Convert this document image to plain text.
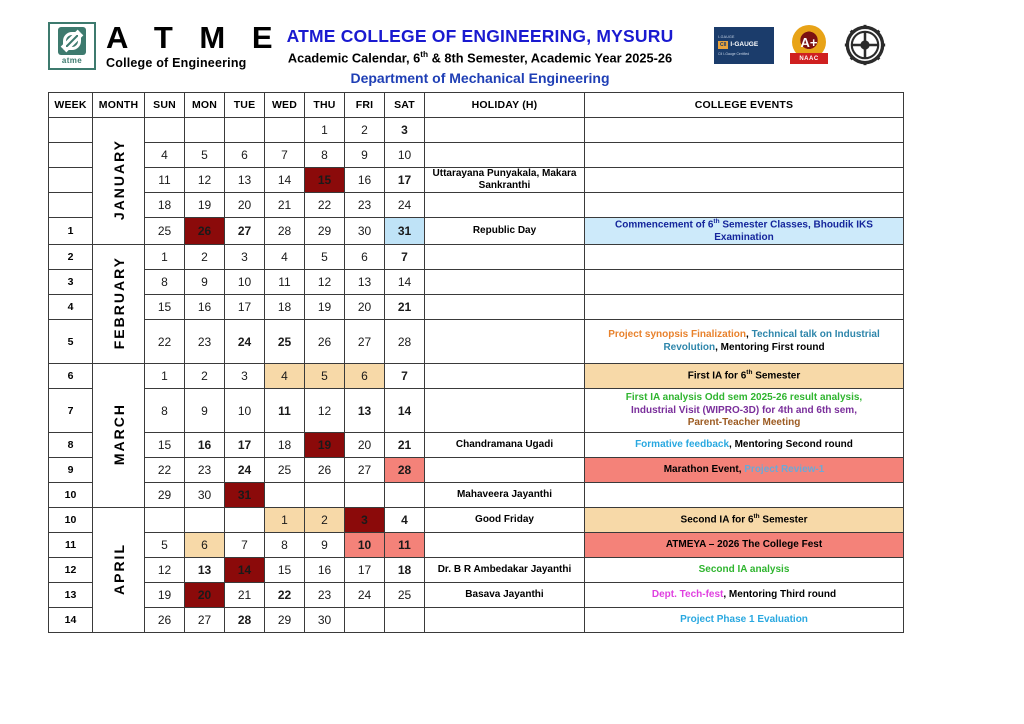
atme
A T M E
College of Engineering
ATME COLLEGE OF ENGINEERING, MYSURU
Academic Calendar, 6th & 8th Semester, Academic Year 2025-26
Department of Mechanical Engineering
I-GAUGE
CII I-GAUGE
CII I-Gauge Certified
A+
NAAC
WEEK	MONTH	SUN	MON	TUE	WED	THU	FRI	SAT	HOLIDAY (H)	COLLEGE EVENTS
	JANUARY					1	2	3		
		4	5	6	7	8	9	10		
		11	12	13	14	15	16	17	Uttarayana Punyakala, Makara Sankranthi	
		18	19	20	21	22	23	24		
1		25	26	27	28	29	30	31	Republic Day	Commencement of 6th Semester Classes, Bhoudik IKS Examination
2	FEBRUARY	1	2	3	4	5	6	7		
3		8	9	10	11	12	13	14		
4		15	16	17	18	19	20	21		
5		22	23	24	25	26	27	28		Project synopsis Finalization, Technical talk on Industrial Revolution, Mentoring First round
6	MARCH	1	2	3	4	5	6	7		First IA for 6th Semester
7		8	9	10	11	12	13	14		First IA analysis Odd sem 2025-26 result analysis,
Industrial Visit (WIPRO-3D) for 4th and 6th sem,
Parent-Teacher Meeting
8		15	16	17	18	19	20	21	Chandramana Ugadi	Formative feedback, Mentoring Second round
9		22	23	24	25	26	27	28		Marathon Event, Project Review-1
10		29	30	31					Mahaveera Jayanthi	
10	APRIL				1	2	3	4	Good Friday	Second IA for 6th Semester
11		5	6	7	8	9	10	11		ATMEYA – 2026 The College Fest
12		12	13	14	15	16	17	18	Dr. B R Ambedakar Jayanthi	Second IA analysis
13		19	20	21	22	23	24	25	Basava Jayanthi	Dept. Tech-fest, Mentoring Third round
14		26	27	28	29	30				Project Phase 1 Evaluation
